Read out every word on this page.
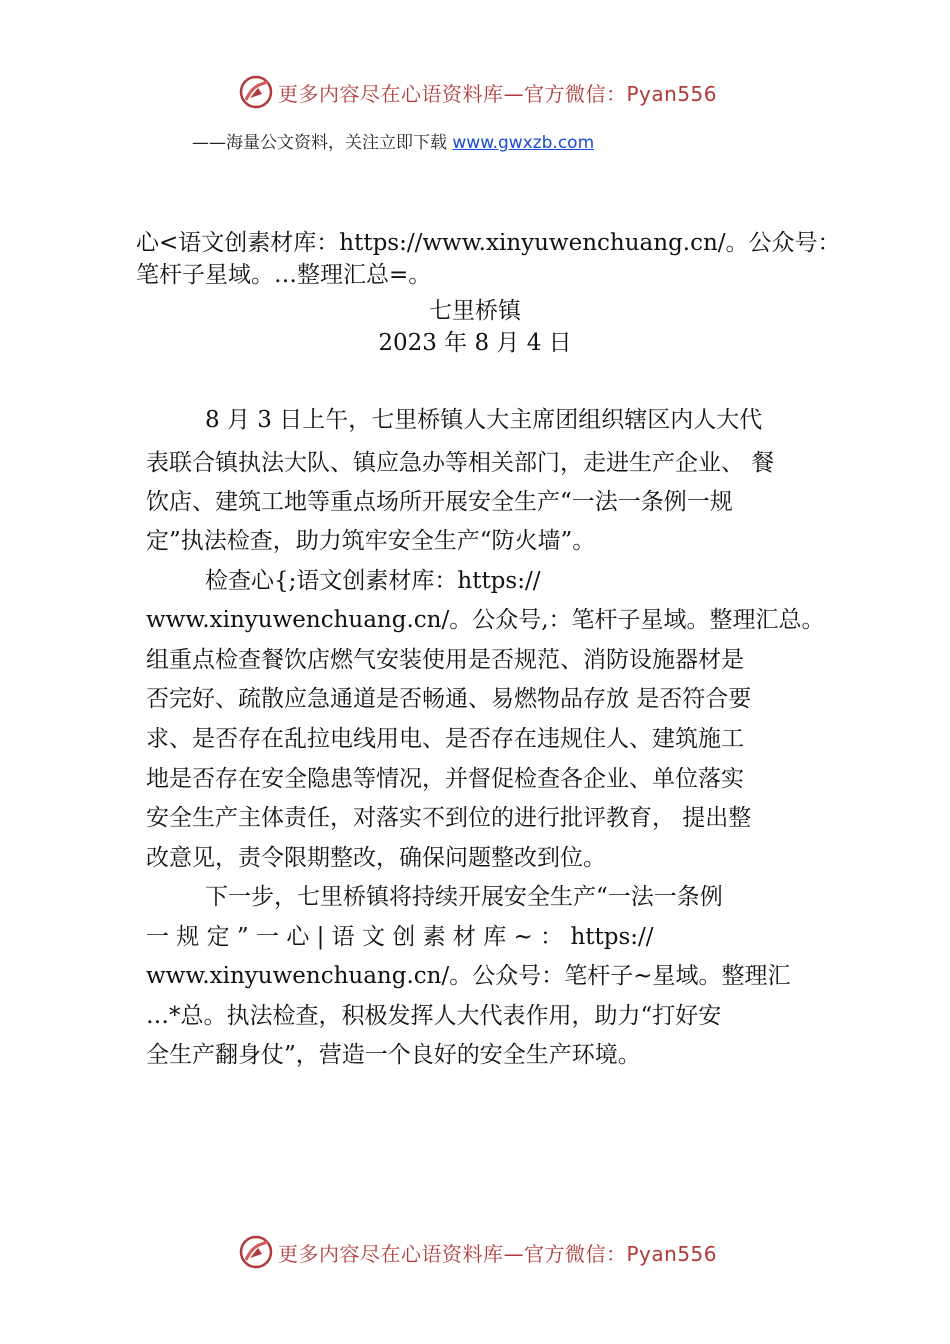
更多内容尽在心语资料库—官方微信：Pyan556
——海量公文资料，关注立即下载 www.gwxzb.com
心<语文创素材库：https://www.xinyuwenchuang.cn/。公众号：
笔杆子星域。…整理汇总=。
七里桥镇
2023 年 8 月 4 日
8 月 3 日上午，七里桥镇人大主席团组织辖区内人大代
表联合镇执法大队、镇应急办等相关部门，走进生产企业、 餐
饮店、建筑工地等重点场所开展安全生产“一法一条例一规
定”执法检查，助力筑牢安全生产“防火墙”。
检查心{;语文创素材库：https://
www.xinyuwenchuang.cn/。公众号,：笔杆子星域。整理汇总。
组重点检查餐饮店燃气安装使用是否规范、消防设施器材是
否完好、疏散应急通道是否畅通、易燃物品存放 是否符合要
求、是否存在乱拉电线用电、是否存在违规住人、建筑施工
地是否存在安全隐患等情况，并督促检查各企业、单位落实
安全生产主体责任，对落实不到位的进行批评教育， 提出整
改意见，责令限期整改，确保问题整改到位。
下一步，七里桥镇将持续开展安全生产“一法一条例
一 规 定 ” 一 心 | 语 文 创 素 材 库 ~ ： https://
www.xinyuwenchuang.cn/。公众号：笔杆子~星域。整理汇
…*总。执法检查，积极发挥人大代表作用，助力“打好安
全生产翻身仗”，营造一个良好的安全生产环境。
更多内容尽在心语资料库—官方微信：Pyan556
